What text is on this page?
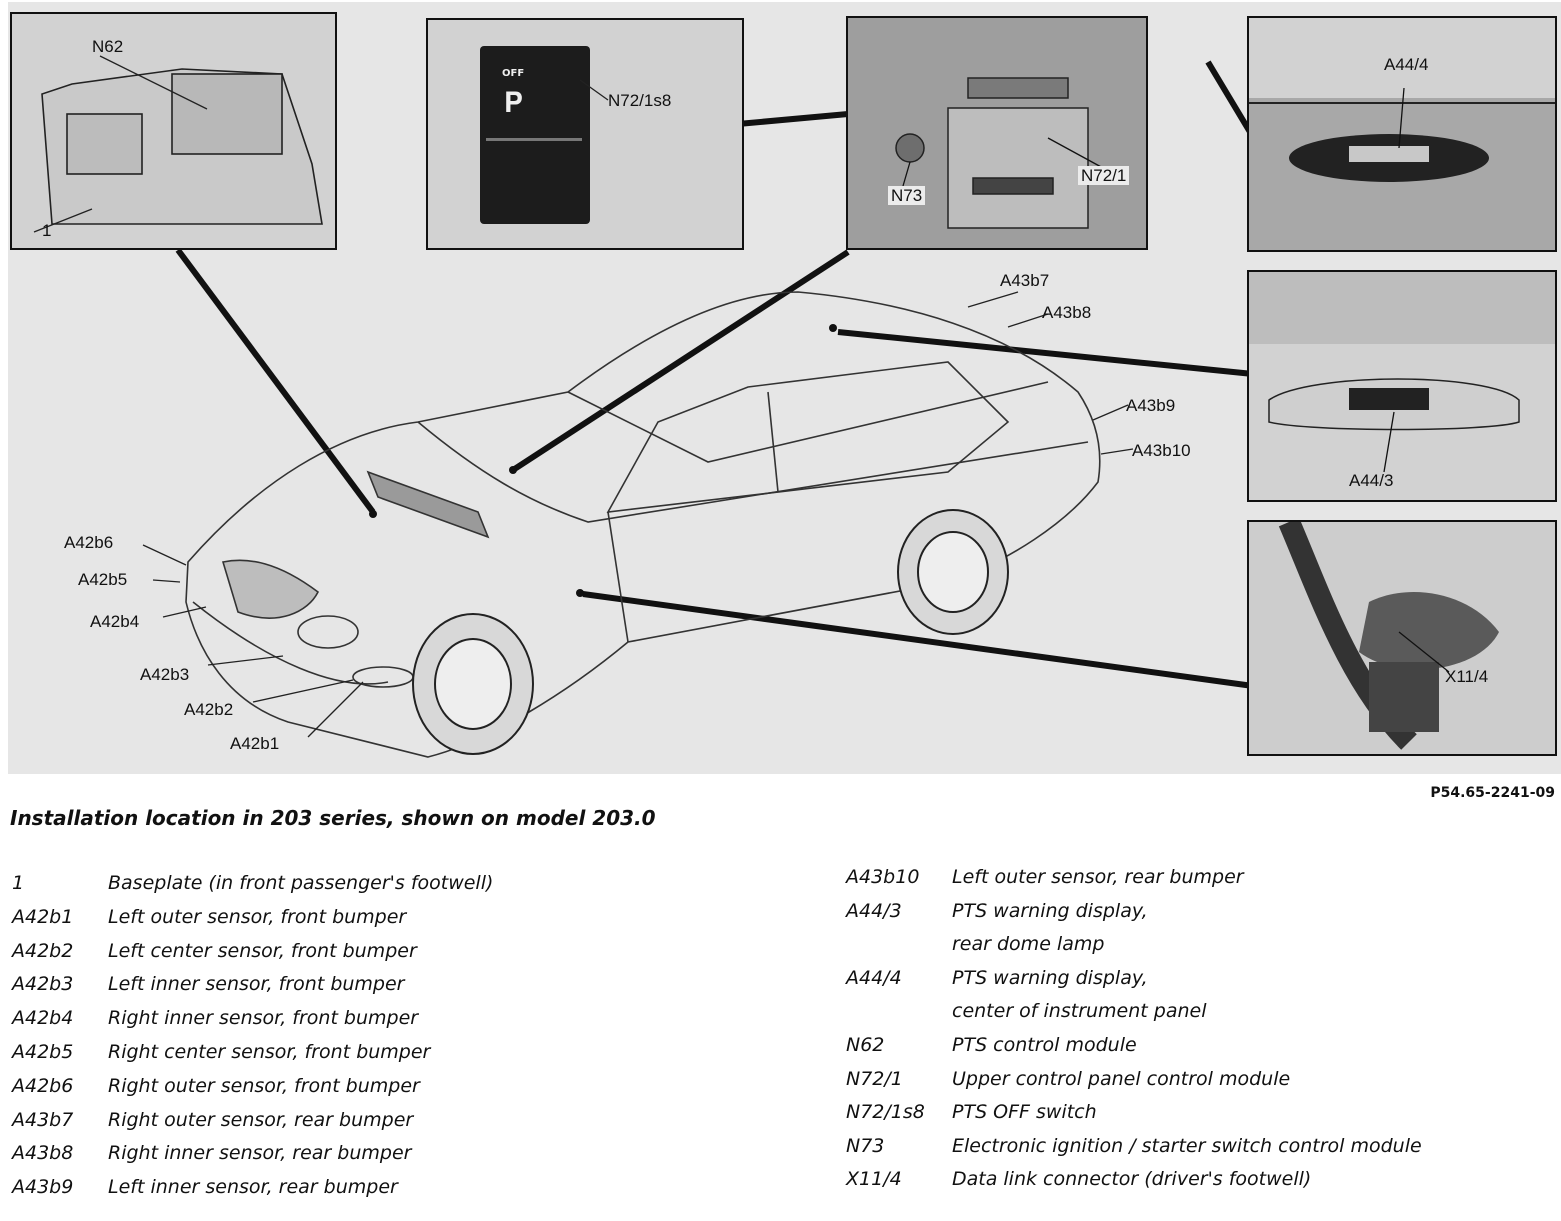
N62
1
OFF
𝐏	N72/1s8
N73
N72/1
A44/4
A44/3
X11/4
A43b7
A43b8
A43b9
A43b10
A42b6
A42b5
A42b4
A42b3
A42b2
A42b1
P54.65-2241-09
Installation location in 203 series, shown on model 203.0
1	Baseplate (in front passenger's footwell)
A42b1 Left outer sensor, front bumper
A42b2 Left center sensor, front bumper
A42b3 Left inner sensor, front bumper
A42b4 Right inner sensor, front bumper
A42b5 Right center sensor, front bumper
A42b6 Right outer sensor, front bumper
A43b7 Right outer sensor, rear bumper
A43b8 Right inner sensor, rear bumper
A43b9 Left inner sensor, rear bumper
A43b10 Left outer sensor, rear bumper
A44/3	PTS warning display,
rear dome lamp
A44/4	PTS warning display,
center of instrument panel
N62	PTS control module
N72/1	Upper control panel control module
N72/1s8 PTS OFF switch
N73	Electronic ignition / starter switch control module
X11/4	Data link connector (driver's footwell)
